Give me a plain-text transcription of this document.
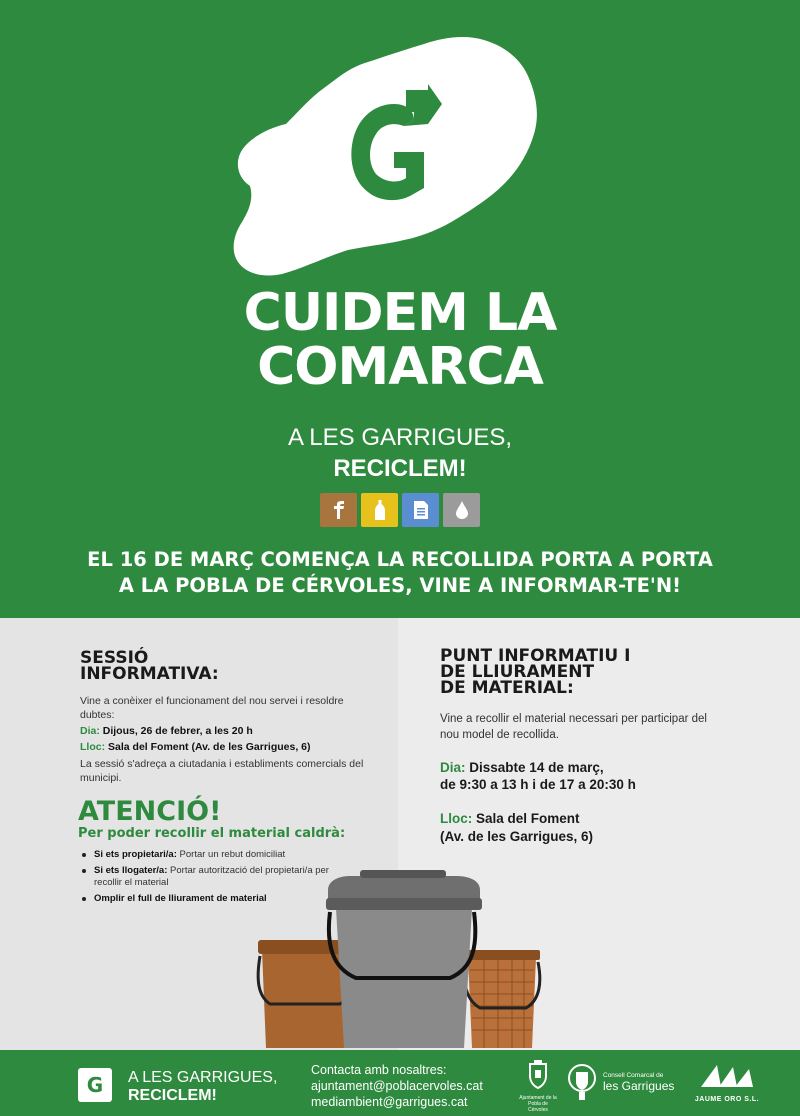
CUIDEM LA
COMARCA
A LES GARRIGUES,
RECICLEM!
EL 16 DE MARÇ COMENÇA LA RECOLLIDA PORTA A PORTA
A LA POBLA DE CÉRVOLES, VINE A INFORMAR-TE'N!
SESSIÓ
INFORMATIVA:
Vine a conèixer el funcionament del nou servei i resoldre dubtes:
Dia: Dijous, 26 de febrer, a les 20 h
Lloc: Sala del Foment (Av. de les Garrigues, 6)
La sessió s'adreça a ciutadania i establiments comercials del municipi.
ATENCIÓ!
Per poder recollir el material caldrà:
Si ets propietari/a: Portar un rebut domiciliat
Si ets llogater/a: Portar autorització del propietari/a per recollir el material
Omplir el full de lliurament de material
PUNT INFORMATIU I
DE LLIURAMENT
DE MATERIAL:
Vine a recollir el material necessari per participar del nou model de recollida.
Dia: Dissabte 14 de març,
de 9:30 a 13 h i de 17 a 20:30 h
Lloc: Sala del Foment
(Av. de les Garrigues, 6)
G A LES GARRIGUES,
RECICLEM!
Contacta amb nosaltres:
ajuntament@poblacervoles.cat
mediambient@garrigues.cat	Ajuntament de la Pobla de Cérvoles
Consell Comarcal de
les Garrigues
JAUME ORO S.L.
